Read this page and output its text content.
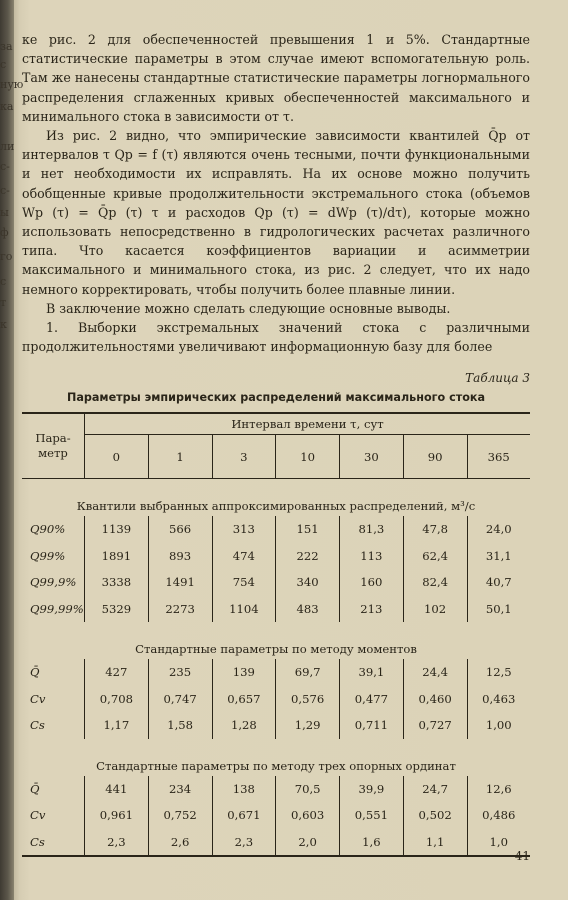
за
с
ную
ка
ли
с-
с-
ы
ф
го
с
т
к

ке рис. 2 для обеспеченностей превышения 1 и 5%. Стандартные статистические параметры в этом случае имеют вспомогательную роль. Там же нанесены стандартные статистические параметры логнормального распределения сглаженных кривых обеспеченностей максимального и минимального стока в зависимости от τ.

Из рис. 2 видно, что эмпирические зависимости квантилей Q̄p от интервалов τ Qp = f (τ) являются очень тесными, почти функциональными и нет необходимости их исправлять. На их основе можно получить обобщенные кривые продолжительности экстремального стока (объемов Wp (τ) = Q̄p (τ) τ и расходов Qp (τ) = dWp (τ)/dτ), которые можно использовать непосредственно в гидрологических расчетах различного типа. Что касается коэффициентов вариации и асимметрии максимального и минимального стока, из рис. 2 следует, что их надо немного корректировать, чтобы получить более плавные линии.

В заключение можно сделать следующие основные выводы.

1. Выборки экстремальных значений стока с различными продолжительностями увеличивают информационную базу для более

Таблица 3
Параметры эмпирических распределений максимального стока
Пара-метр	Интервал времени τ, сут						
	0	1	3	10	30	90	365
Квантили выбранных аппроксимированных распределений, м³/с							
Q90%	1139	566	313	151	81,3	47,8	24,0
Q99%	1891	893	474	222	113	62,4	31,1
Q99,9%	3338	1491	754	340	160	82,4	40,7
Q99,99%	5329	2273	1104	483	213	102	50,1
Стандартные параметры по методу моментов							
Q̄	427	235	139	69,7	39,1	24,4	12,5
Cv	0,708	0,747	0,657	0,576	0,477	0,460	0,463
Cs	1,17	1,58	1,28	1,29	0,711	0,727	1,00
Стандартные параметры по методу трех опорных ординат							
Q̄	441	234	138	70,5	39,9	24,7	12,6
Cv	0,961	0,752	0,671	0,603	0,551	0,502	0,486
Cs	2,3	2,6	2,3	2,0	1,6	1,1	1,0
41
